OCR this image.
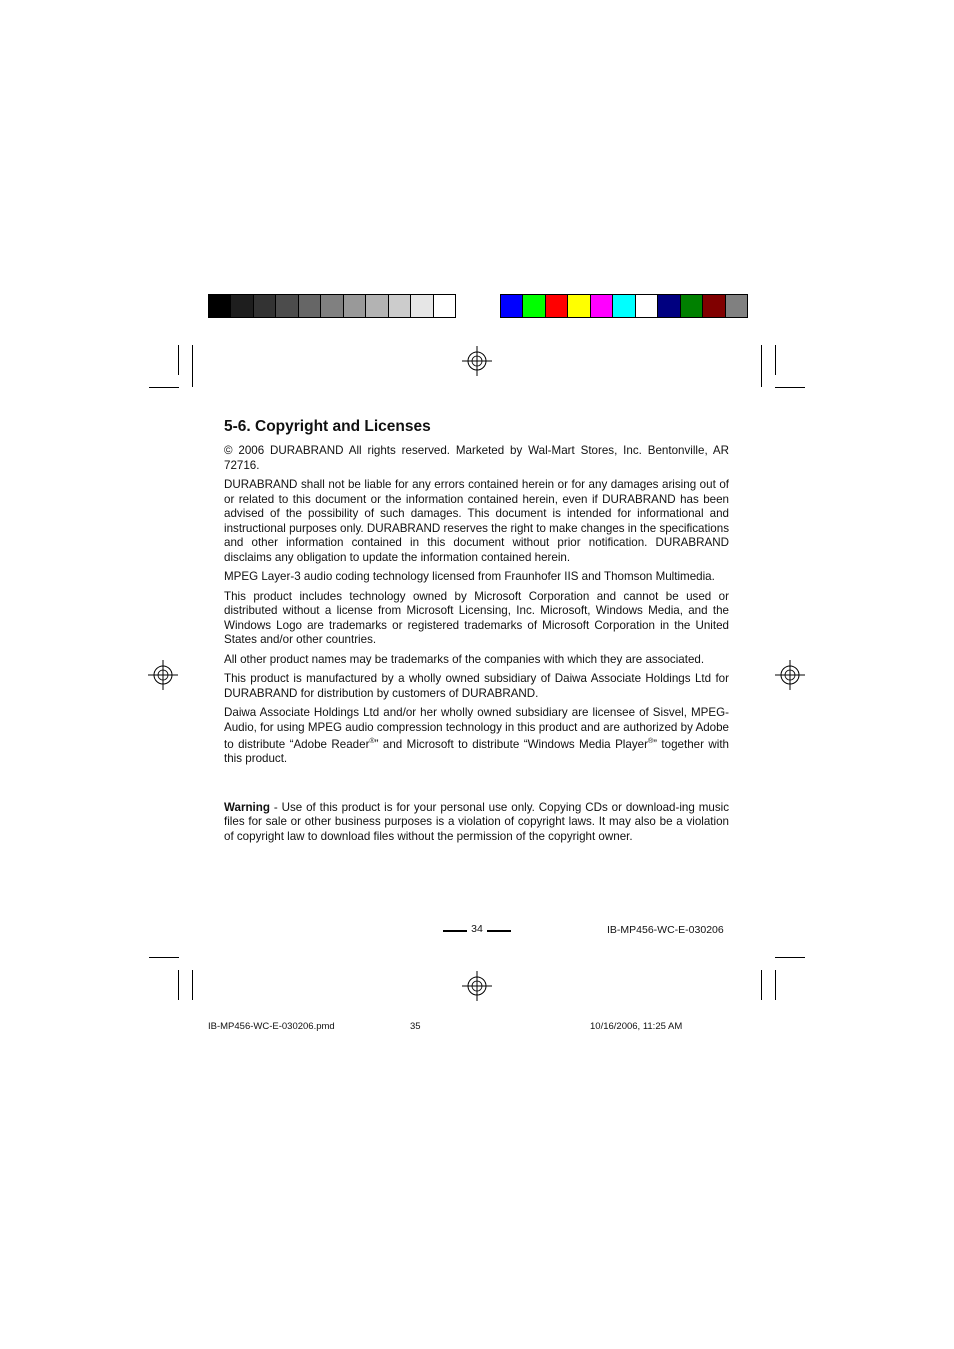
5-6. Copyright and Licenses

© 2006 DURABRAND All rights reserved. Marketed by Wal-Mart Stores, Inc. Bentonville, AR 72716.

DURABRAND shall not be liable for any errors contained herein or for any damages arising out of or related to this document or the information contained herein, even if DURABRAND has been advised of the possibility of such damages. This document is intended for informational and instructional purposes only. DURABRAND reserves the right to make changes in the specifications and other information contained in this document without prior notification. DURABRAND disclaims any obligation to update the information contained herein.

MPEG Layer-3 audio coding technology licensed from Fraunhofer IIS and Thomson Multimedia.

This product includes technology owned by Microsoft Corporation and cannot be used or distributed without a license from Microsoft Licensing, Inc. Microsoft, Windows Media, and the Windows Logo are trademarks or registered trademarks of Microsoft Corporation in the United States and/or other countries.

All other product names may be trademarks of the companies with which they are associated.

This product is manufactured by a wholly owned subsidiary of Daiwa Associate Holdings Ltd for DURABRAND for distribution by customers of DURABRAND.

Daiwa Associate Holdings Ltd and/or her wholly owned subsidiary are licensee of Sisvel, MPEG-Audio, for using MPEG audio compression technology in this product and are authorized by Adobe to distribute “Adobe Reader®” and Microsoft to distribute “Windows Media Player®” together with this product.

Warning - Use of this product is for your personal use only. Copying CDs or download-ing music files for sale or other business purposes is a violation of copyright laws. It may also be a violation of copyright law to download files without the permission of the copyright owner.

34	IB-MP456-WC-E-030206
IB-MP456-WC-E-030206.pmd	35	10/16/2006, 11:25 AM
